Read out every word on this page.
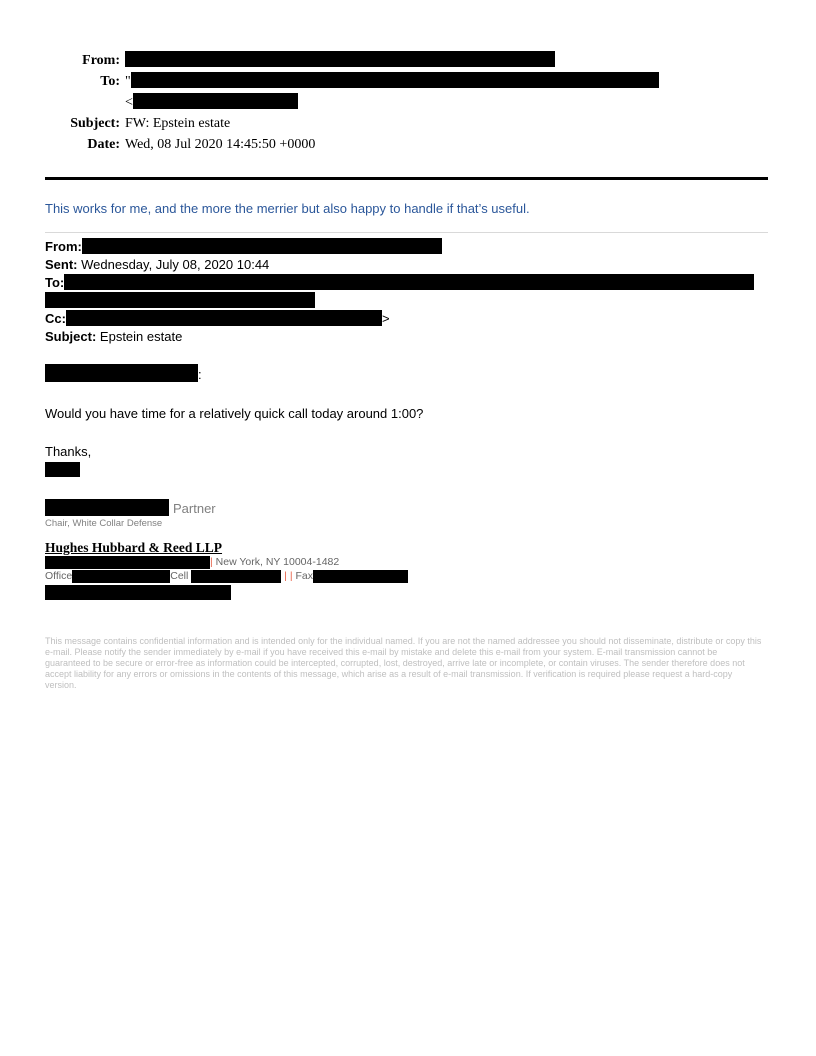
From:
To: "
<
Subject: FW: Epstein estate
Date: Wed, 08 Jul 2020 14:45:50 +0000
This works for me, and the more the merrier but also happy to handle if that’s useful.
From:
Sent: Wednesday, July 08, 2020 10:44
To:

Cc:	>
Subject: Epstein estate
:
Would you have time for a relatively quick call today around 1:00?
Thanks,
Partner
Chair, White Collar Defense
Hughes Hubbard & Reed LLP
| New York, NY 10004-1482
Office	Cell	| | Fax
This message contains confidential information and is intended only for the individual named. If you are not the named addressee you should not disseminate, distribute or copy this e-mail. Please notify the sender immediately by e-mail if you have received this e-mail by mistake and delete this e-mail from your system. E-mail transmission cannot be guaranteed to be secure or error-free as information could be intercepted, corrupted, lost, destroyed, arrive late or incomplete, or contain viruses. The sender therefore does not accept liability for any errors or omissions in the contents of this message, which arise as a result of e-mail transmission. If verification is required please request a hard-copy version.
